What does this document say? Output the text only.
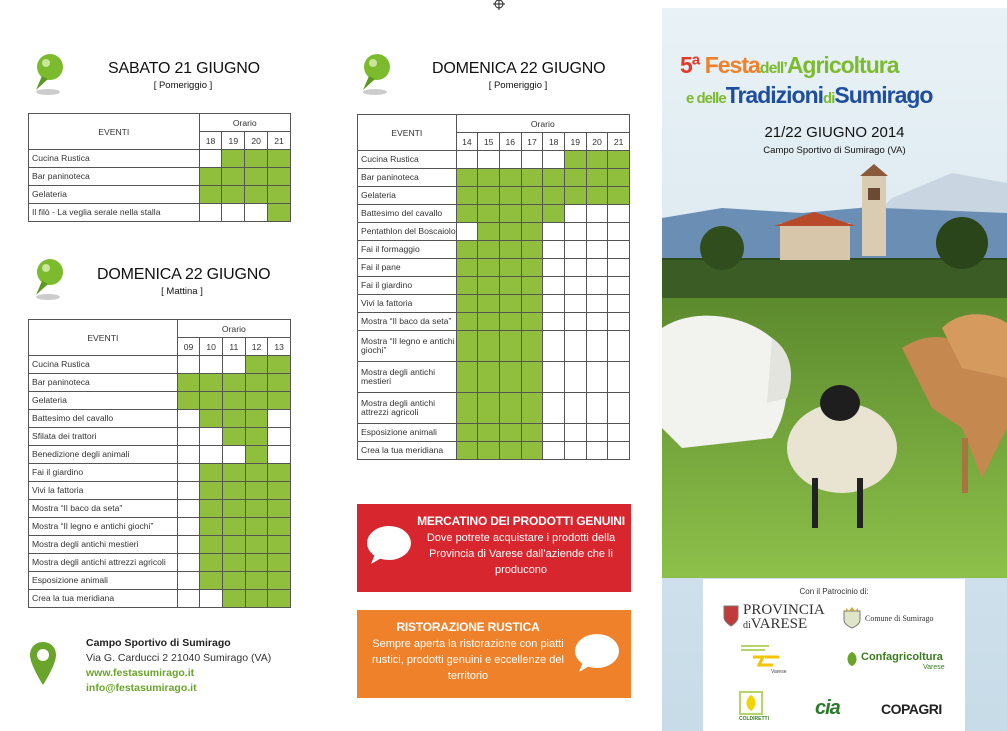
SABATO 21 GIUGNO
[ Pomeriggio ]
EVENTI	Orario			
	18	19	20	21
Cucina Rustica				
Bar paninoteca				
Gelateria				
Il filò - La veglia serale nella stalla				
DOMENICA 22 GIUGNO
[ Mattina ]
EVENTI	Orario				
	09	10	11	12	13
Cucina Rustica					
Bar paninoteca					
Gelateria					
Battesimo del cavallo					
Sfilata dei trattori					
Benedizione degli animali					
Fai il giardino					
Vivi la fattoria					
Mostra “Il baco da seta”					
Mostra “Il legno e antichi giochi”					
Mostra degli antichi mestieri					
Mostra degli antichi attrezzi agricoli					
Esposizione animali					
Crea la tua meridiana					
Campo Sportivo di Sumirago
Via G. Carducci 2 21040 Sumirago (VA)
www.festasumirago.it
info@festasumirago.it
DOMENICA 22 GIUGNO
[ Pomeriggio ]
EVENTI	Orario							
	14	15	16	17	18	19	20	21
Cucina Rustica								
Bar paninoteca								
Gelateria								
Battesimo del cavallo								
Pentathlon del Boscaiolo								
Fai il formaggio								
Fai il pane								
Fai il giardino								
Vivi la fattoria								
Mostra “Il baco da seta”								
Mostra “Il legno e antichi giochi”								
Mostra degli antichi mestieri								
Mostra degli antichi attrezzi agricoli								
Esposizione animali								
Crea la tua meridiana								
MERCATINO DEI PRODOTTI GENUINI
Dove potrete acquistare i prodotti della Provincia di Varese dall’aziende che li producono
RISTORAZIONE RUSTICA
Sempre aperta la ristorazione con piatti rustici, prodotti genuini e eccellenze del territorio
5ª Festadell’Agricoltura
e delleTradizionidiSumirago
21/22 GIUGNO 2014
Campo Sportivo di Sumirago (VA)
Con il Patrocinio di:
PROVINCIA
diVARESE	Comune di Sumirago
Varese
Confagricoltura
Varese
COLDIRETTI cia	COPAGRI
